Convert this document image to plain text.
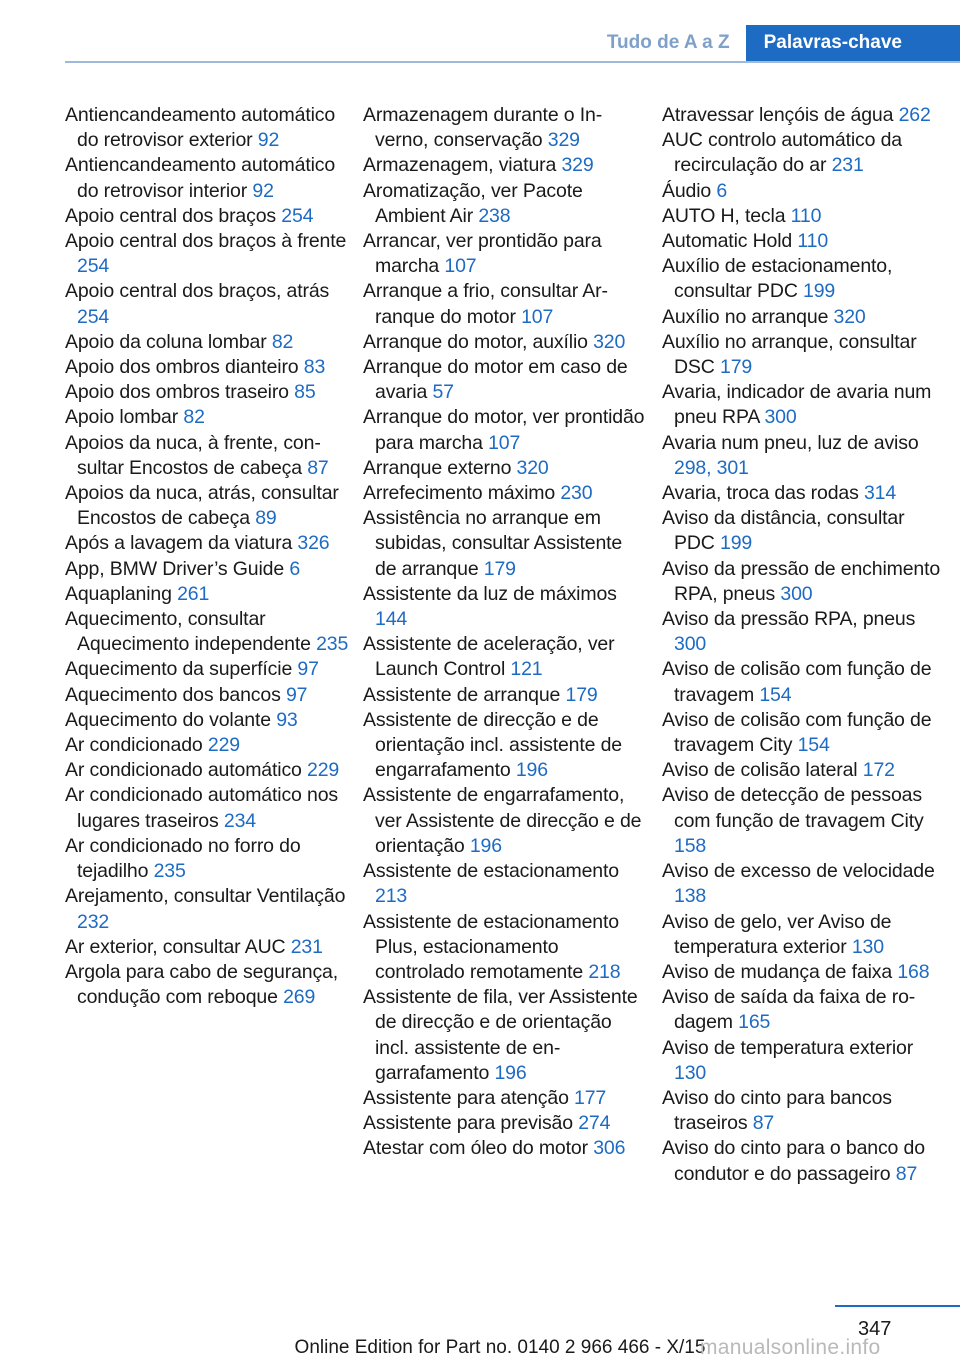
Tudo de A a Z	Palavras-chave
Antiencandeamento automático do retrovisor exterior 92
Antiencandeamento automático do retrovisor interior 92
Apoio central dos braços 254
Apoio central dos braços à frente 254
Apoio central dos braços, atrás 254
Apoio da coluna lombar 82
Apoio dos ombros dianteiro 83
Apoio dos ombros traseiro 85
Apoio lombar 82
Apoios da nuca, à frente, consultar Encostos de cabeça 87
Apoios da nuca, atrás, consultar Encostos de cabeça 89
Após a lavagem da viatura 326
App, BMW Driver’s Guide 6
Aquaplaning 261
Aquecimento, consultar Aquecimento independente 235
Aquecimento da superfície 97
Aquecimento dos bancos 97
Aquecimento do volante 93
Ar condicionado 229
Ar condicionado automático 229
Ar condicionado automático nos lugares traseiros 234
Ar condicionado no forro do tejadilho 235
Arejamento, consultar Ventilação 232
Ar exterior, consultar AUC 231
Argola para cabo de segurança, condução com reboque 269
Armazenagem durante o Inverno, conservação 329
Armazenagem, viatura 329
Aromatização, ver Pacote Ambient Air 238
Arrancar, ver prontidão para marcha 107
Arranque a frio, consultar Arranque do motor 107
Arranque do motor, auxílio 320
Arranque do motor em caso de avaria 57
Arranque do motor, ver prontidão para marcha 107
Arranque externo 320
Arrefecimento máximo 230
Assistência no arranque em subidas, consultar Assistente de arranque 179
Assistente da luz de máximos 144
Assistente de aceleração, ver Launch Control 121
Assistente de arranque 179
Assistente de direcção e de orientação incl. assistente de engarrafamento 196
Assistente de engarrafamento, ver Assistente de direcção e de orientação 196
Assistente de estacionamento 213
Assistente de estacionamento Plus, estacionamento controlado remotamente 218
Assistente de fila, ver Assistente de direcção e de orientação incl. assistente de engarrafamento 196
Assistente para atenção 177
Assistente para previsão 274
Atestar com óleo do motor 306
Atravessar lençóis de água 262
AUC controlo automático da recirculação do ar 231
Áudio 6
AUTO H, tecla 110
Automatic Hold 110
Auxílio de estacionamento, consultar PDC 199
Auxílio no arranque 320
Auxílio no arranque, consultar DSC 179
Avaria, indicador de avaria num pneu RPA 300
Avaria num pneu, luz de aviso 298, 301
Avaria, troca das rodas 314
Aviso da distância, consultar PDC 199
Aviso da pressão de enchimento RPA, pneus 300
Aviso da pressão RPA, pneus 300
Aviso de colisão com função de travagem 154
Aviso de colisão com função de travagem City 154
Aviso de colisão lateral 172
Aviso de detecção de pessoas com função de travagem City 158
Aviso de excesso de velocidade 138
Aviso de gelo, ver Aviso de temperatura exterior 130
Aviso de mudança de faixa 168
Aviso de saída da faixa de rodagem 165
Aviso de temperatura exterior 130
Aviso do cinto para bancos traseiros 87
Aviso do cinto para o banco do condutor e do passageiro 87
347
Online Edition for Part no. 0140 2 966 466 - X/15
manualsonline.info
